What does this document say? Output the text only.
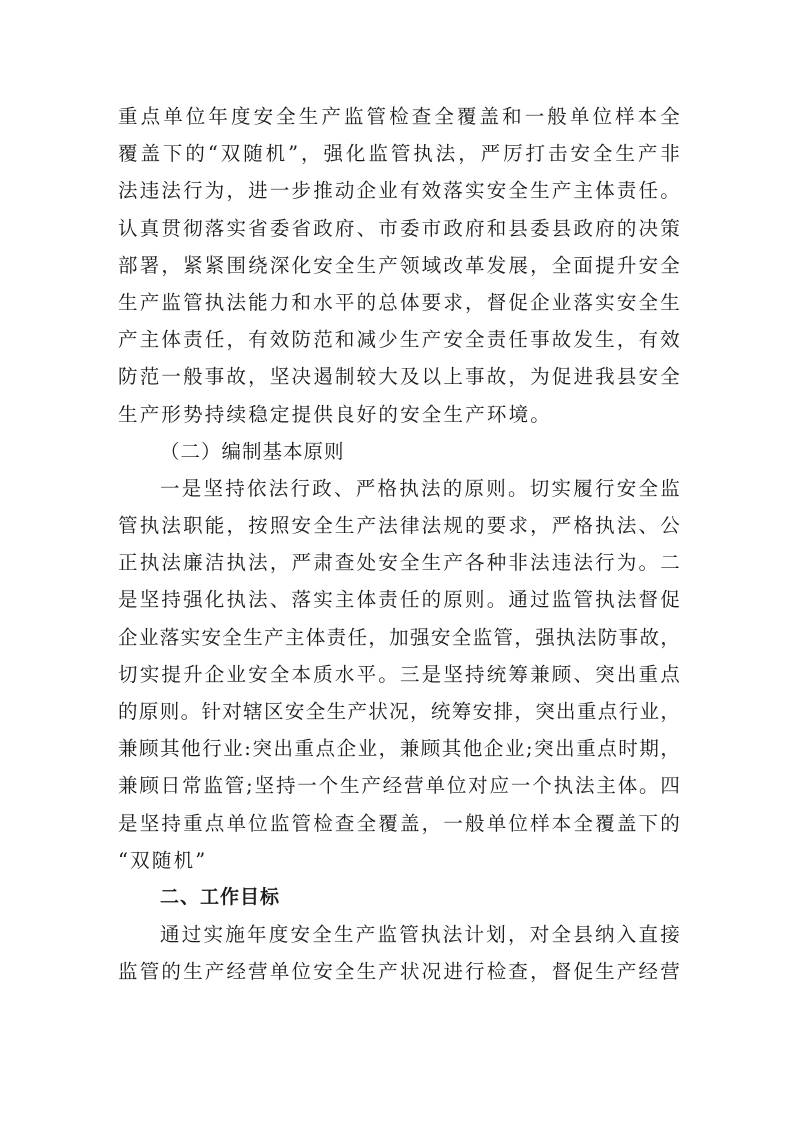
重 点 单 位 年 度 安 全 生 产 监 管 检 查 全 覆 盖 和 一 般 单 位 样 本 全
覆 盖 下 的 “ 双 随 机 ” ， 强 化 监 管 执 法 ， 严 厉 打 击 安 全 生 产 非
法 违 法 行 为 ， 进 一 步 推 动 企 业 有 效 落 实 安 全 生 产 主 体 责 任 。
认 真 贯 彻 落 实 省 委 省 政 府 、 市 委 市 政 府 和 县 委 县 政 府 的 决 策
部 署 ， 紧 紧 围 绕 深 化 安 全 生 产 领 域 改 革 发 展 ， 全 面 提 升 安 全
生 产 监 管 执 法 能 力 和 水 平 的 总 体 要 求 ， 督 促 企 业 落 实 安 全 生
产 主 体 责 任 ， 有 效 防 范 和 减 少 生 产 安 全 责 任 事 故 发 生 ， 有 效
防 范 一 般 事 故 ， 坚 决 遏 制 较 大 及 以 上 事 故 ， 为 促 进 我 县 安 全
生产形势持续稳定提供良好的安全生产环境。
（二）编制基本原则
一 是 坚 持 依 法 行 政 、 严 格 执 法 的 原 则 。 切 实 履 行 安 全 监
管 执 法 职 能 ， 按 照 安 全 生 产 法 律 法 规 的 要 求 ， 严 格 执 法 、 公
正 执 法 廉 洁 执 法 ， 严 肃 查 处 安 全 生 产 各 种 非 法 违 法 行 为 。 二
是 坚 持 强 化 执 法 、 落 实 主 体 责 任 的 原 则 。 通 过 监 管 执 法 督 促
企 业 落 实 安 全 生 产 主 体 责 任 ， 加 强 安 全 监 管 ， 强 执 法 防 事 故 ，
切 实 提 升 企 业 安 全 本 质 水 平 。 三 是 坚 持 统 筹 兼 顾 、 突 出 重 点
的 原 则 。 针 对 辖 区 安 全 生 产 状 况 ， 统 筹 安 排 ， 突 出 重 点 行 业 ，
兼 顾 其 他 行 业 : 突 出 重 点 企 业 ， 兼 顾 其 他 企 业 ; 突 出 重 点 时 期 ，
兼 顾 日 常 监 管 ; 坚 持 一 个 生 产 经 营 单 位 对 应 一 个 执 法 主 体 。 四
是 坚 持 重 点 单 位 监 管 检 查 全 覆 盖 ， 一 般 单 位 样 本 全 覆 盖 下 的
“双随机”
二、工作目标
通 过 实 施 年 度 安 全 生 产 监 管 执 法 计 划 ， 对 全 县 纳 入 直 接
监 管 的 生 产 经 营 单 位 安 全 生 产 状 况 进 行 检 查 ， 督 促 生 产 经 营
